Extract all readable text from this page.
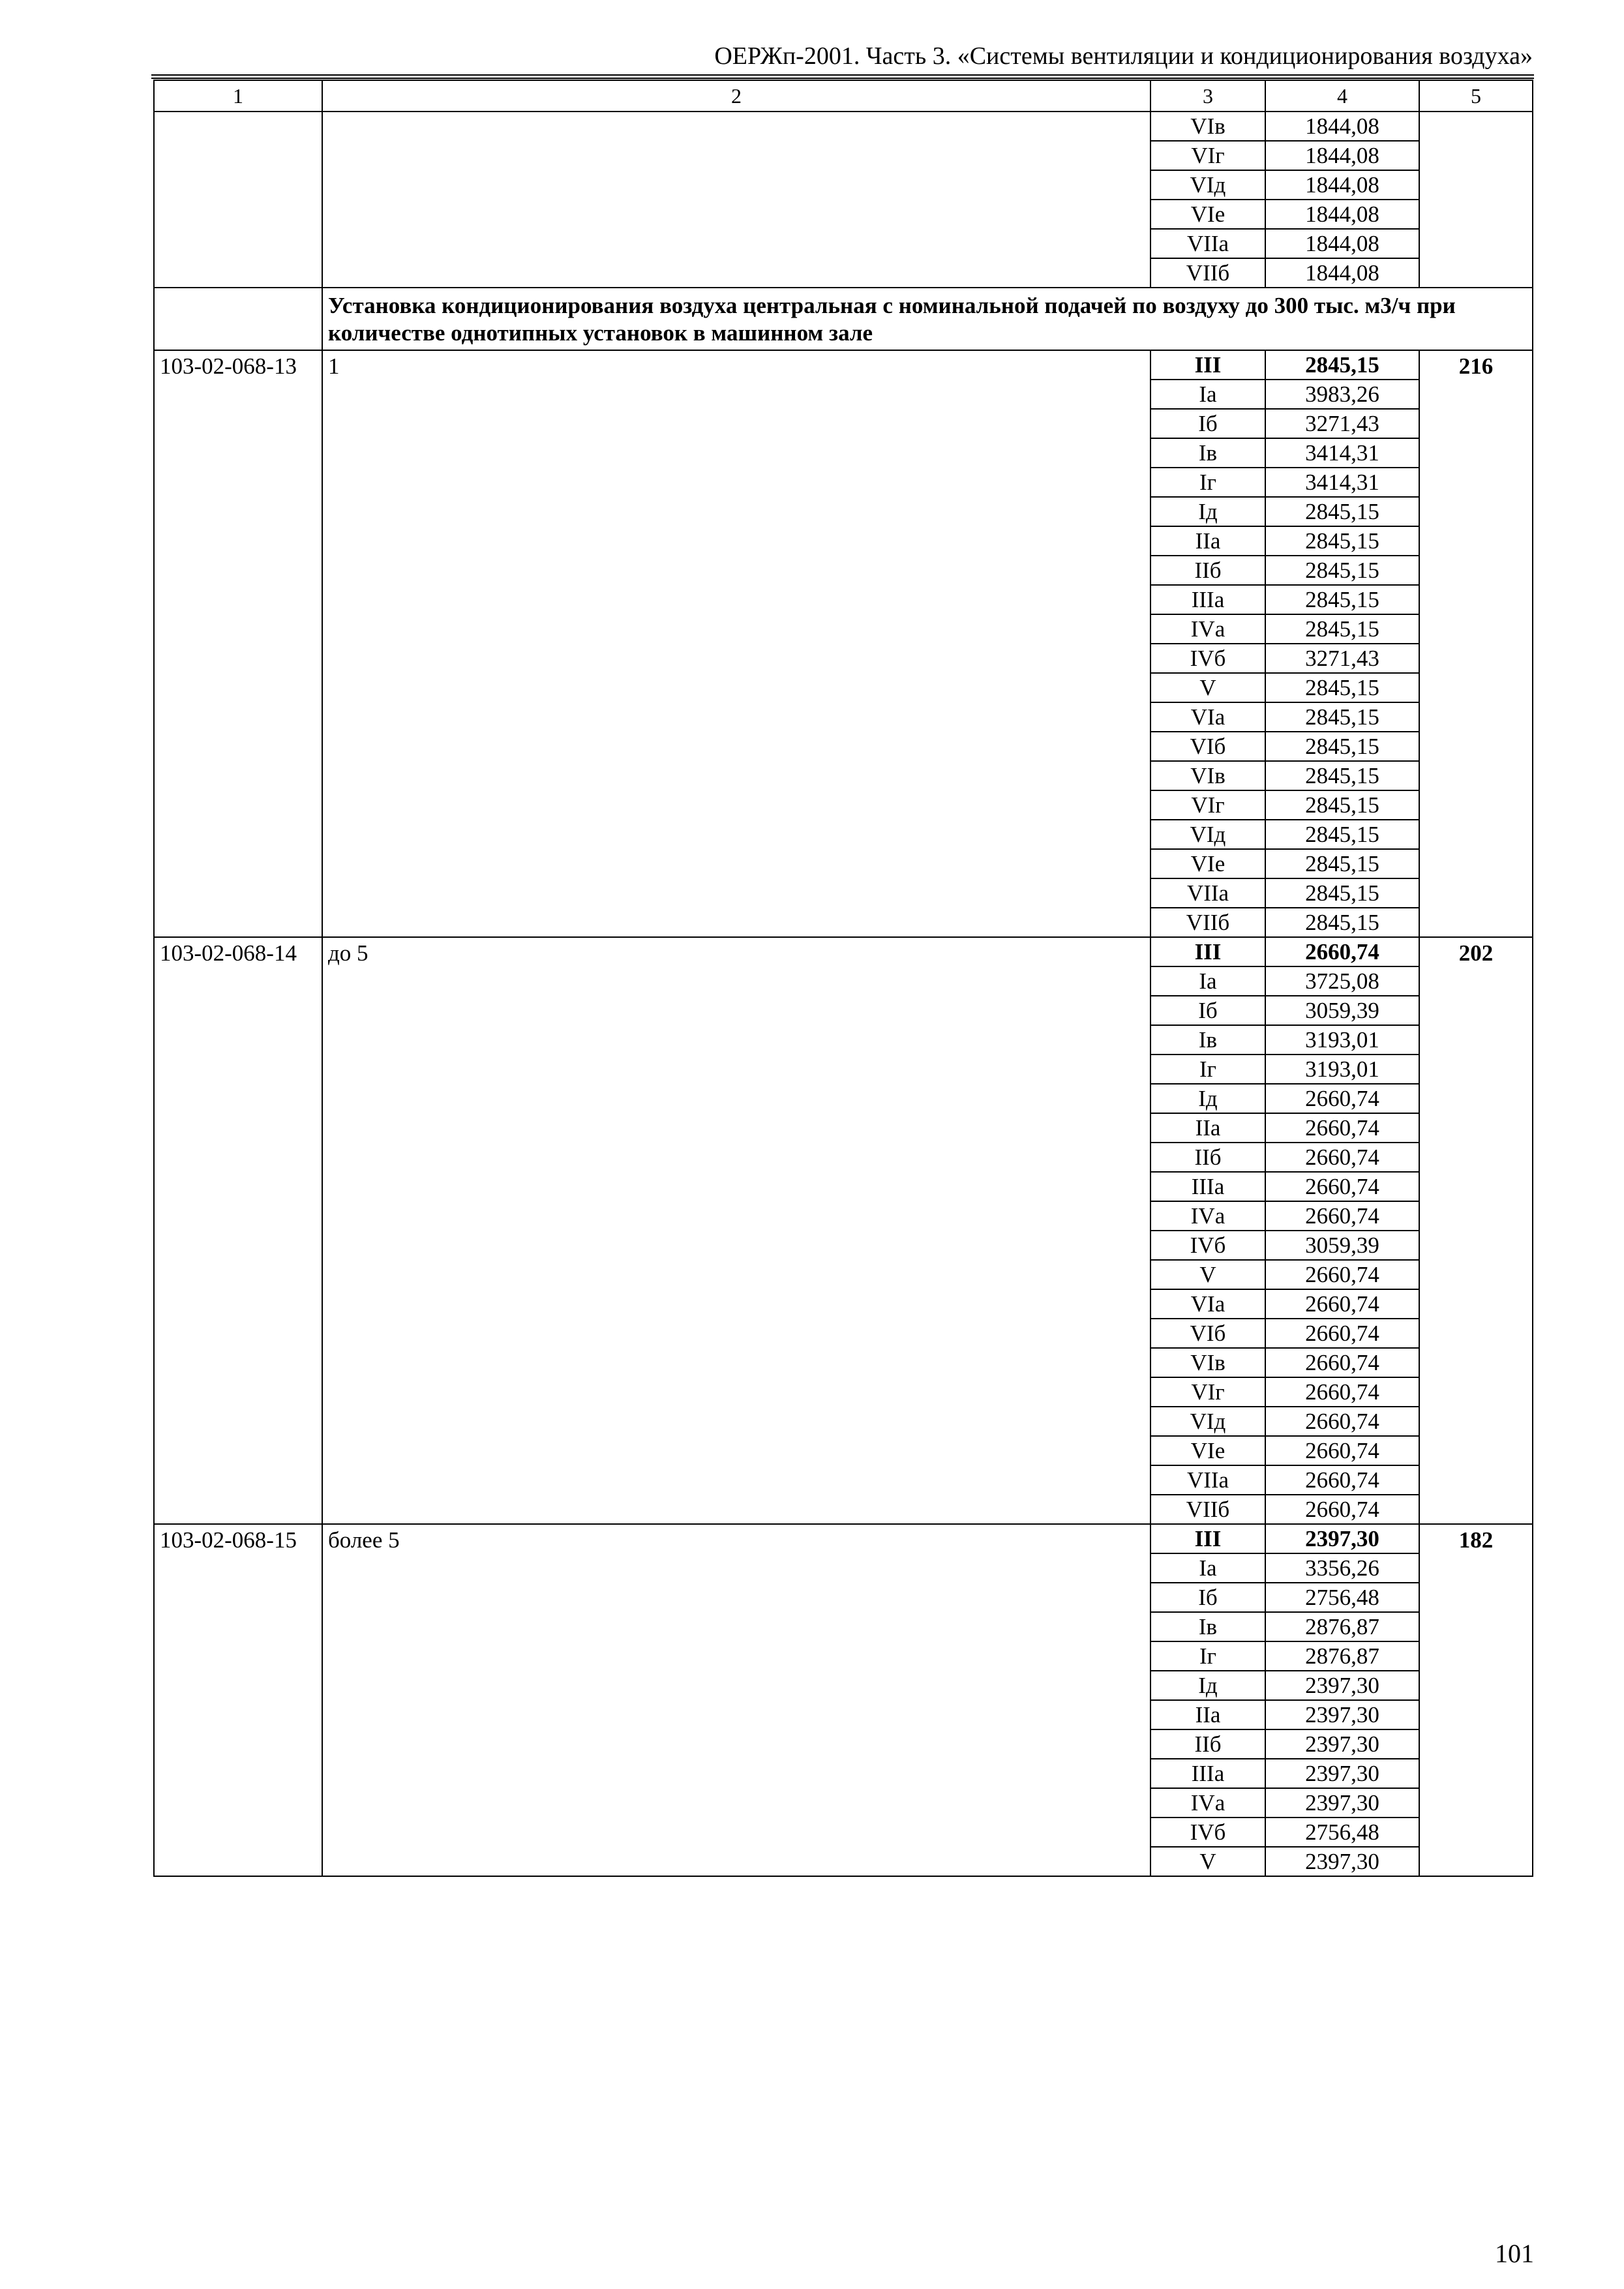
ОЕРЖп-2001. Часть 3. «Системы вентиляции и кондиционирования воздуха»
1	2	3	4	5
		VIв	1844,08	
		VIг	1844,08	
		VIд	1844,08	
		VIе	1844,08	
		VIIа	1844,08	
		VIIб	1844,08	
	Установка кондиционирования воздуха центральная с номинальной подачей по воздуху до 300 тыс. м3/ч при количестве однотипных установок в машинном зале			
103-02-068-13	1	III	2845,15	216
		Iа	3983,26	
		Iб	3271,43	
		Iв	3414,31	
		Iг	3414,31	
		Iд	2845,15	
		IIа	2845,15	
		IIб	2845,15	
		IIIа	2845,15	
		IVа	2845,15	
		IVб	3271,43	
		V	2845,15	
		VIа	2845,15	
		VIб	2845,15	
		VIв	2845,15	
		VIг	2845,15	
		VIд	2845,15	
		VIе	2845,15	
		VIIа	2845,15	
		VIIб	2845,15	
103-02-068-14	до 5	III	2660,74	202
		Iа	3725,08	
		Iб	3059,39	
		Iв	3193,01	
		Iг	3193,01	
		Iд	2660,74	
		IIа	2660,74	
		IIб	2660,74	
		IIIа	2660,74	
		IVа	2660,74	
		IVб	3059,39	
		V	2660,74	
		VIа	2660,74	
		VIб	2660,74	
		VIв	2660,74	
		VIг	2660,74	
		VIд	2660,74	
		VIе	2660,74	
		VIIа	2660,74	
		VIIб	2660,74	
103-02-068-15	более 5	III	2397,30	182
		Iа	3356,26	
		Iб	2756,48	
		Iв	2876,87	
		Iг	2876,87	
		Iд	2397,30	
		IIа	2397,30	
		IIб	2397,30	
		IIIа	2397,30	
		IVа	2397,30	
		IVб	2756,48	
		V	2397,30	
101
